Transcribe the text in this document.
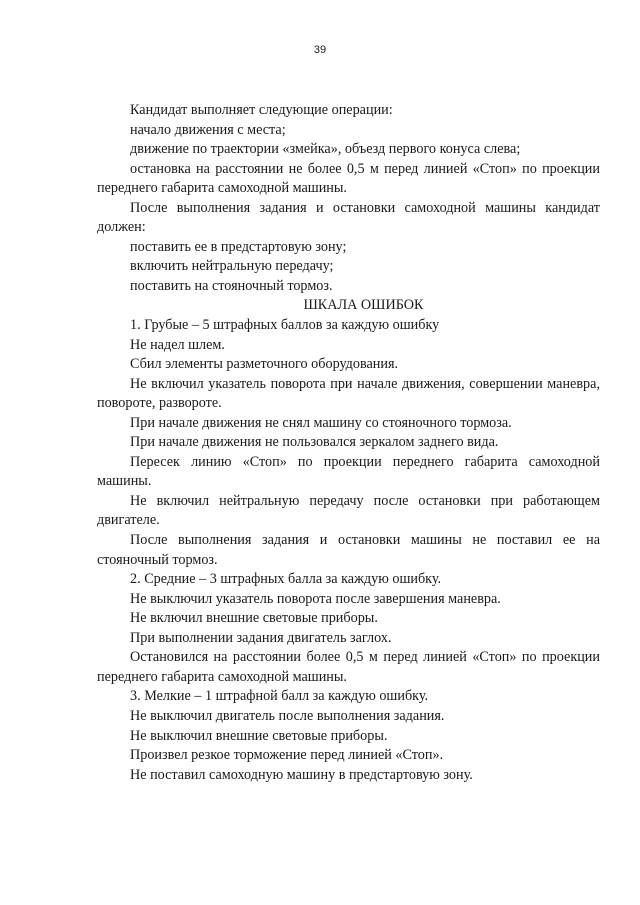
39

Кандидат выполняет следующие операции:

начало движения с места;

движение по траектории «змейка», объезд первого конуса слева;

остановка на расстоянии не более 0,5 м перед линией «Стоп» по проекции переднего габарита самоходной машины.

После выполнения задания и остановки самоходной машины кандидат должен:

поставить ее в предстартовую зону;

включить нейтральную передачу;

поставить на стояночный тормоз.

ШКАЛА ОШИБОК

1. Грубые – 5 штрафных баллов за каждую ошибку

Не надел шлем.

Сбил элементы разметочного оборудования.

Не включил указатель поворота при начале движения, совершении маневра, повороте, развороте.

При начале движения не снял машину со стояночного тормоза.

При начале движения не пользовался зеркалом заднего вида.

Пересек линию «Стоп» по проекции переднего габарита самоходной машины.

Не включил нейтральную передачу после остановки при работающем двигателе.

После выполнения задания и остановки машины не поставил ее на стояночный тормоз.

2. Средние – 3 штрафных балла за каждую ошибку.

Не выключил указатель поворота после завершения маневра.

Не включил внешние световые приборы.

При выполнении задания двигатель заглох.

Остановился на расстоянии более 0,5 м перед линией «Стоп» по проекции переднего габарита самоходной машины.

3. Мелкие – 1 штрафной балл за каждую ошибку.

Не выключил двигатель после выполнения задания.

Не выключил внешние световые приборы.

Произвел резкое торможение перед линией «Стоп».

Не поставил самоходную машину в предстартовую зону.
